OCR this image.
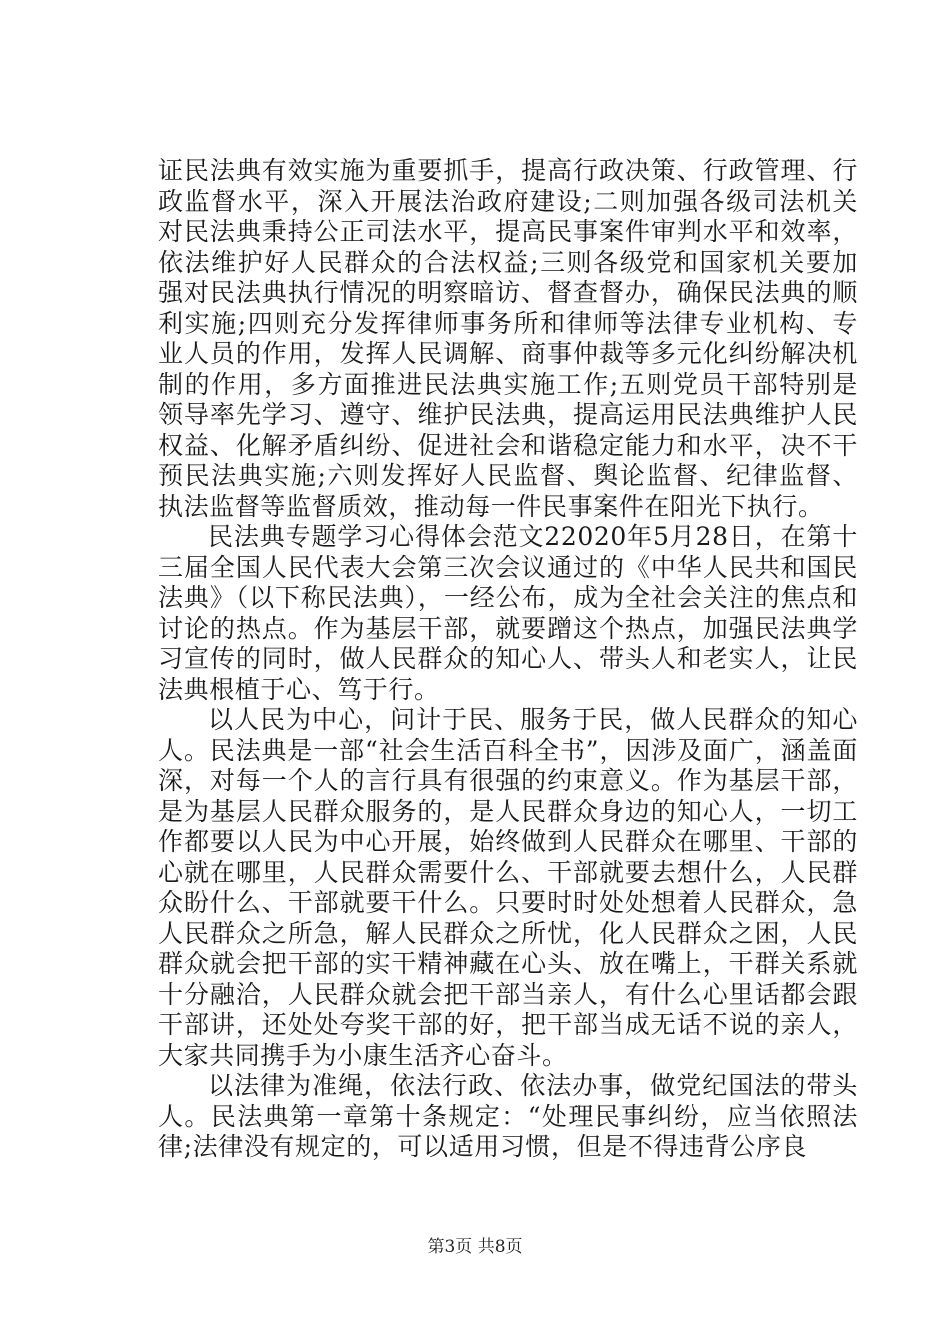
证民法典有效实施为重要抓手，提高行政决策、行政管理、行政监督水平，深入开展法治政府建设;二则加强各级司法机关对民法典秉持公正司法水平，提高民事案件审判水平和效率，依法维护好人民群众的合法权益;三则各级党和国家机关要加强对民法典执行情况的明察暗访、督查督办，确保民法典的顺利实施;四则充分发挥律师事务所和律师等法律专业机构、专业人员的作用，发挥人民调解、商事仲裁等多元化纠纷解决机制的作用，多方面推进民法典实施工作;五则党员干部特别是领导率先学习、遵守、维护民法典，提高运用民法典维护人民权益、化解矛盾纠纷、促进社会和谐稳定能力和水平，决不干预民法典实施;六则发挥好人民监督、舆论监督、纪律监督、执法监督等监督质效，推动每一件民事案件在阳光下执行。

民法典专题学习心得体会范文22020年5月28日，在第十三届全国人民代表大会第三次会议通过的《中华人民共和国民法典》（以下称民法典），一经公布，成为全社会关注的焦点和讨论的热点。作为基层干部，就要蹭这个热点，加强民法典学习宣传的同时，做人民群众的知心人、带头人和老实人，让民法典根植于心、笃于行。

以人民为中心，问计于民、服务于民，做人民群众的知心人。民法典是一部“社会生活百科全书”，因涉及面广，涵盖面深，对每一个人的言行具有很强的约束意义。作为基层干部，是为基层人民群众服务的，是人民群众身边的知心人，一切工作都要以人民为中心开展，始终做到人民群众在哪里、干部的心就在哪里，人民群众需要什么、干部就要去想什么，人民群众盼什么、干部就要干什么。只要时时处处想着人民群众，急人民群众之所急，解人民群众之所忧，化人民群众之困，人民群众就会把干部的实干精神藏在心头、放在嘴上，干群关系就十分融洽，人民群众就会把干部当亲人，有什么心里话都会跟干部讲，还处处夸奖干部的好，把干部当成无话不说的亲人，大家共同携手为小康生活齐心奋斗。

以法律为准绳，依法行政、依法办事，做党纪国法的带头人。民法典第一章第十条规定：“处理民事纠纷，应当依照法律;法律没有规定的，可以适用习惯，但是不得违背公序良

第3页 共8页
